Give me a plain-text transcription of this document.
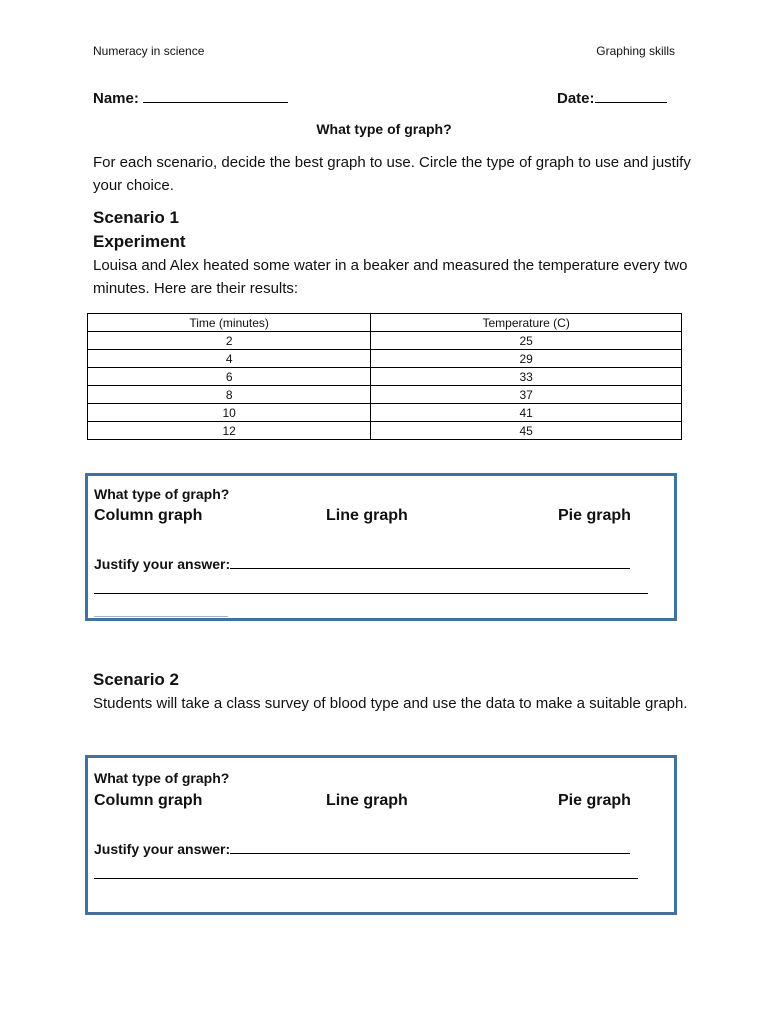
Numeracy in science	Graphing skills
Name:	Date:
What type of graph?
For each scenario, decide the best graph to use. Circle the type of graph to use and justify your choice.
Scenario 1
Experiment
Louisa and Alex heated some water in a beaker and measured the temperature every two minutes. Here are their results:
Time (minutes)	Temperature (C)
2	25
4	29
6	33
8	37
10	41
12	45
What type of graph?
Column graph	Line graph	Pie graph
Justify your answer:
Scenario 2
Students will take a class survey of blood type and use the data to make a suitable graph.
What type of graph?
Column graph	Line graph	Pie graph
Justify your answer:
